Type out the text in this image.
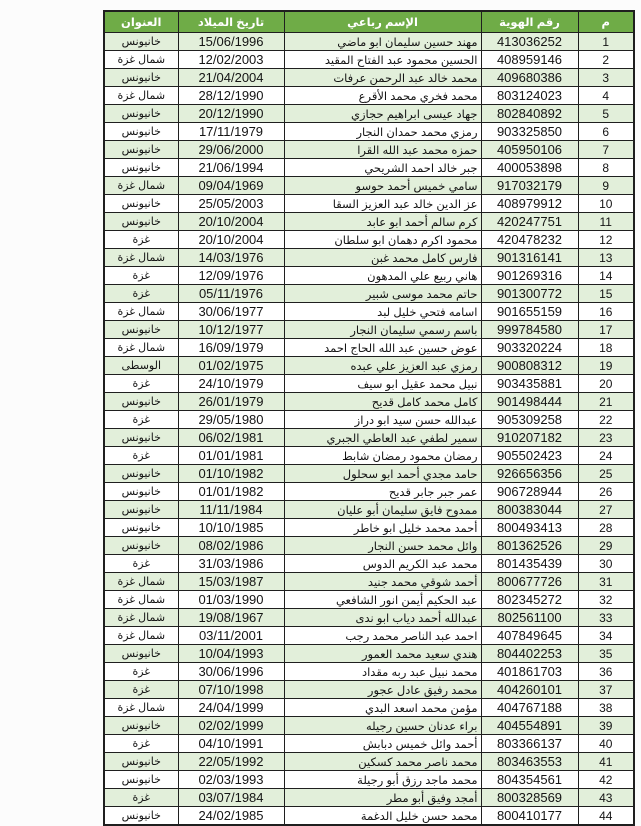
م	رقم الهوية	الإسم رباعي	تاريخ الميلاد	العنوان
1	413036252	مهند حسين سليمان ابو ماضي	15/06/1996	خانيونس
2	408959146	الحسين محمود عبد الفتاح المقيد	12/02/2003	شمال غزة
3	409680386	محمد خالد عبد الرحمن عرفات	21/04/2004	خانيونس
4	803124023	محمد فخري محمد الأقرع	28/12/1990	شمال غزة
5	802840892	جهاد عيسى ابراهيم حجازي	20/12/1990	خانيونس
6	903325850	رمزي محمد حمدان النجار	17/11/1979	خانيونس
7	405950106	حمزه محمد عبد الله القرا	29/06/2000	خانيونس
8	400053898	جبر خالد احمد الشريحي	21/06/1994	خانيونس
9	917032179	سامي خميس أحمد حوسو	09/04/1969	شمال غزة
10	408979912	عز الدين خالد عبد العزيز السقا	25/05/2003	خانيونس
11	420247751	كرم سالم أحمد ابو عابد	20/10/2004	خانيونس
12	420478232	محمود اكرم دهمان ابو سلطان	20/10/2004	غزة
13	901316141	فارس كامل محمد غبن	14/03/1976	شمال غزة
14	901269316	هاني ربيع علي المدهون	12/09/1976	غزة
15	901300772	حاتم محمد موسى شبير	05/11/1976	غزة
16	901655159	اسامه فتحي خليل لبد	30/06/1977	شمال غزة
17	999784580	باسم رسمي سليمان النجار	10/12/1977	خانيونس
18	903320224	عوض حسين عبد الله الحاج احمد	16/09/1979	شمال غزة
19	900808312	رمزي عبد العزيز علي عبده	01/02/1975	الوسطى
20	903435881	نبيل محمد عقيل ابو سيف	24/10/1979	غزة
21	901498444	كامل محمد كامل قديح	26/01/1979	خانيونس
22	905309258	عبدالله حسن سيد ابو دراز	29/05/1980	غزة
23	910207182	سمير لطفي عبد العاطي الجبري	06/02/1981	خانيونس
24	905502423	رمضان محمود رمضان شابط	01/01/1981	غزة
25	926656356	حامد مجدي أحمد ابو سحلول	01/10/1982	خانيونس
26	906728944	عمر جبر جابر قديح	01/01/1982	خانيونس
27	800383044	ممدوح فايق سليمان أبو عليان	11/11/1984	خانيونس
28	800493413	أحمد محمد خليل ابو خاطر	10/10/1985	خانيونس
29	801362526	وائل محمد حسن النجار	08/02/1986	خانيونس
30	801435439	محمد عبد الكريم الدوس	31/03/1986	غزة
31	800677726	أحمد شوقي محمد جنيد	15/03/1987	شمال غزة
32	802345272	عبد الحكيم أيمن انور الشافعي	01/03/1990	شمال غزة
33	802561100	عبدالله أحمد دياب ابو ندى	19/08/1967	شمال غزة
34	407849645	احمد عبد الناصر محمد رجب	03/11/2001	شمال غزة
35	804402253	هندي سعيد محمد العمور	10/04/1993	خانيونس
36	401861703	محمد نبيل عبد ربه مقداد	30/06/1996	غزة
37	404260101	محمد رفيق عادل عجور	07/10/1998	غزة
38	404767188	مؤمن محمد اسعد البدي	24/04/1999	شمال غزة
39	404554891	براء عدنان حسين رجيله	02/02/1999	خانيونس
40	803366137	أحمد وائل خميس دبابش	04/10/1991	غزة
41	803463553	محمد ناصر محمد كسكين	22/05/1992	خانيونس
42	804354561	محمد ماجد رزق أبو رجيلة	02/03/1993	خانيونس
43	800328569	أمجد وفيق أبو مطر	03/07/1984	غزة
44	800410177	محمد حسن خليل الدغمة	24/02/1985	خانيونس
